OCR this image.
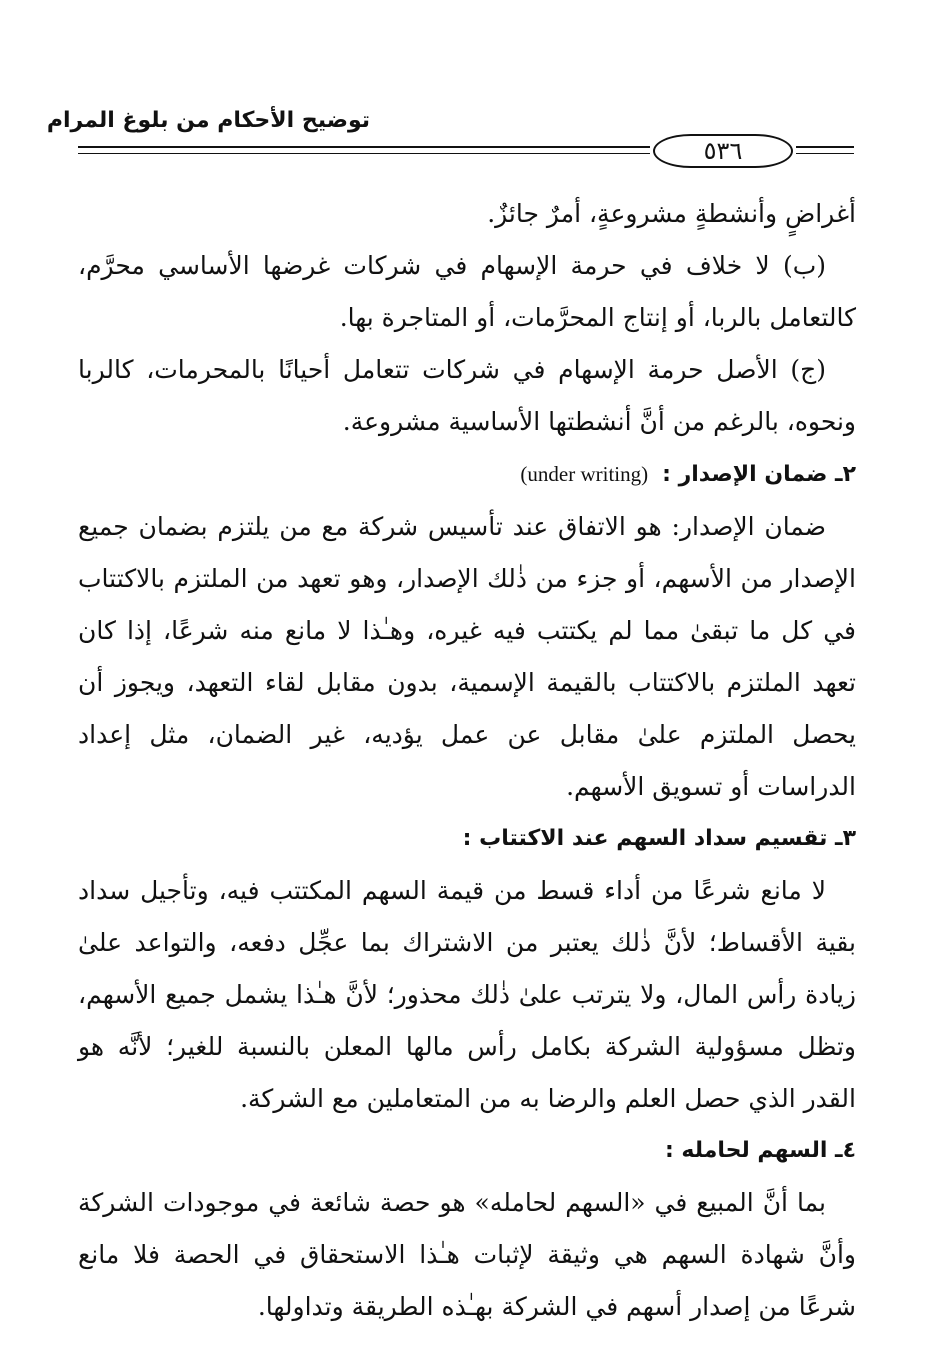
توضيح الأحكام من بلوغ المرام
٥٣٦

أغراضٍ وأنشطةٍ مشروعةٍ، أمرٌ جائزٌ.

(ب) لا خلاف في حرمة الإسهام في شركات غرضها الأساسي محرَّم، كالتعامل بالربا، أو إنتاج المحرَّمات، أو المتاجرة بها.

(ج) الأصل حرمة الإسهام في شركات تتعامل أحيانًا بالمحرمات، كالربا ونحوه، بالرغم من أنَّ أنشطتها الأساسية مشروعة.

٢ـ ضمان الإصدار :(under writing)

ضمان الإصدار: هو الاتفاق عند تأسيس شركة مع من يلتزم بضمان جميع الإصدار من الأسهم، أو جزء من ذٰلك الإصدار، وهو تعهد من الملتزم بالاكتتاب في كل ما تبقىٰ مما لم يكتتب فيه غيره، وهـٰذا لا مانع منه شرعًا، إذا كان تعهد الملتزم بالاكتتاب بالقيمة الإسمية، بدون مقابل لقاء التعهد، ويجوز أن يحصل الملتزم علىٰ مقابل عن عمل يؤديه، غير الضمان، مثل إعداد الدراسات أو تسويق الأسهم.

٣ـ تقسيم سداد السهم عند الاكتتاب :

لا مانع شرعًا من أداء قسط من قيمة السهم المكتتب فيه، وتأجيل سداد بقية الأقساط؛ لأنَّ ذٰلك يعتبر من الاشتراك بما عجِّل دفعه، والتواعد علىٰ زيادة رأس المال، ولا يترتب علىٰ ذٰلك محذور؛ لأنَّ هـٰذا يشمل جميع الأسهم، وتظل مسؤولية الشركة بكامل رأس مالها المعلن بالنسبة للغير؛ لأنَّه هو القدر الذي حصل العلم والرضا به من المتعاملين مع الشركة.

٤ـ السهم لحامله :

بما أنَّ المبيع في «السهم لحامله» هو حصة شائعة في موجودات الشركة وأنَّ شهادة السهم هي وثيقة لإثبات هـٰذا الاستحقاق في الحصة فلا مانع شرعًا من إصدار أسهم في الشركة بهـٰذه الطريقة وتداولها.
